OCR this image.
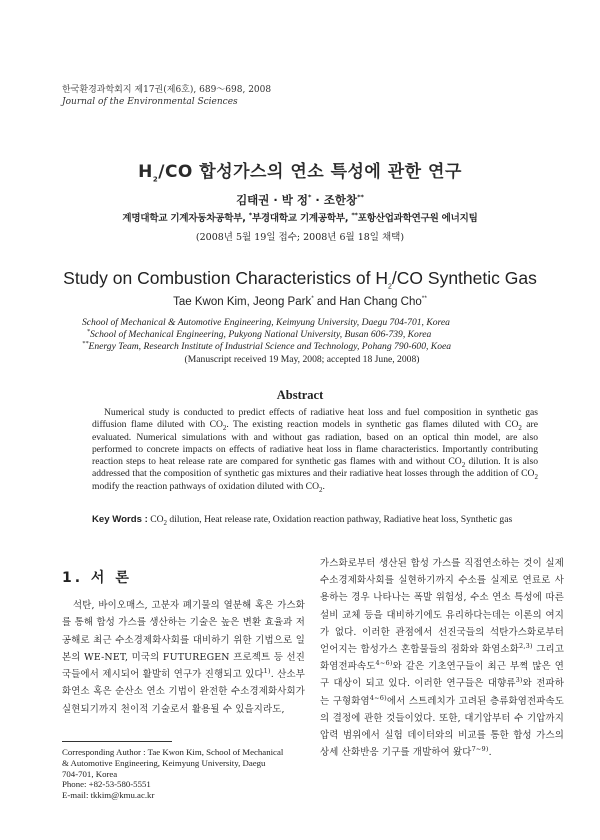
한국환경과학회지 제17권(제6호), 689～698, 2008
Journal of the Environmental Sciences
$H_2/CO$ 합성가스의 연소 특성에 관한 연구
김태권 · 박 정* · 조한창**
계명대학교 기계자동차공학부, *부경대학교 기계공학부, **포항산업과학연구원 에너지팀
(2008년 5월 19일 접수; 2008년 6월 18일 채택)
Study on Combustion Characteristics of $H_2/CO$ Synthetic Gas
Tae Kwon Kim, Jeong Park* and Han Chang Cho**
School of Mechanical & Automotive Engineering, Keimyung University, Daegu 704-701, Korea
*School of Mechanical Engineering, Pukyong National University, Busan 606-739, Korea
**Energy Team, Research Institute of Industrial Science and Technology, Pohang 790-600, Koea
(Manuscript received 19 May, 2008; accepted 18 June, 2008)
Abstract
Numerical study is conducted to predict effects of radiative heat loss and fuel composition in synthetic gas diffusion flame diluted with $CO_2$. The existing reaction models in synthetic gas flames diluted with $CO_2$ are evaluated. Numerical simulations with and without gas radiation, based on an optical thin model, are also performed to concrete impacts on effects of radiative heat loss in flame characteristics. Importantly contributing reaction steps to heat release rate are compared for synthetic gas flames with and without $CO_2$ dilution. It is also addressed that the composition of synthetic gas mixtures and their radiative heat losses through the addition of $CO_2$ modify the reaction pathways of oxidation diluted with $CO_2$.
Key Words : $CO_2$ dilution, Heat release rate, Oxidation reaction pathway, Radiative heat loss, Synthetic gas
1. 서 론

석탄, 바이오매스, 고분자 폐기물의 열분해 혹은 가스화를 통해 합성 가스를 생산하는 기술은 높은 변환 효율과 저공해로 최근 수소경제화사회를 대비하기 위한 기법으로 일본의 WE-NET, 미국의 FUTUREGEN 프로젝트 등 선진국들에서 제시되어 활발히 연구가 진행되고 있다$^{1)}$. 산소부화연소 혹은 순산소 연소 기법이 완전한 수소경제화사회가 실현되기까지 천이적 기술로서 활용될 수 있을지라도,

가스화로부터 생산된 합성 가스를 직접연소하는 것이 실제 수소경제화사회를 실현하기까지 수소를 실제로 연료로 사용하는 경우 나타나는 폭발 위험성, 수소 연소 특성에 따른 설비 교체 등을 대비하기에도 유리하다는데는 이론의 여지가 없다. 이러한 관점에서 선진국들의 석탄가스화로부터 얻어지는 합성가스 혼합물들의 점화와 화염소화$^{2,3)}$ 그리고 화염전파속도$^{4\sim 6)}$와 같은 기초연구들이 최근 부쩍 많은 연구 대상이 되고 있다. 이러한 연구들은 대향류$^{3)}$와 전파하는 구형화염$^{4\sim 6)}$에서 스트레치가 고려된 층류화염전파속도의 결정에 관한 것들이었다. 또한, 대기압부터 수 기압까지 압력 범위에서 실험 데이터와의 비교를 통한 합성 가스의 상세 산화반응 기구를 개발하여 왔다$^{7\sim 9)}$.

Corresponding Author : Tae Kwon Kim, School of Mechanical
& Automotive Engineering, Keimyung University, Daegu
704-701, Korea
Phone: +82-53-580-5551
E-mail: tkkim@kmu.ac.kr
